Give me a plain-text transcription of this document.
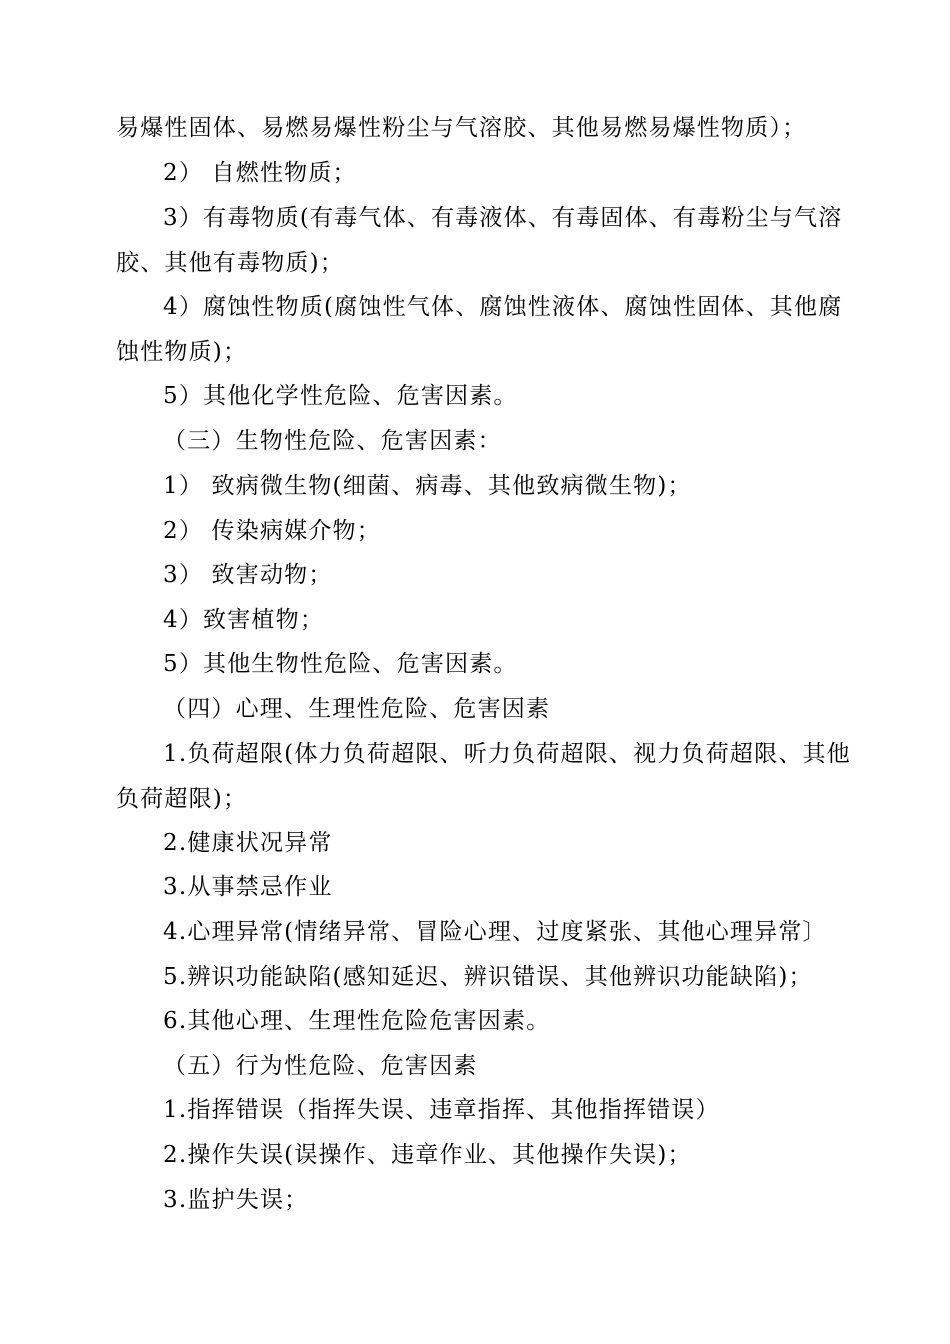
易爆性固体、易燃易爆性粉尘与气溶胶、其他易燃易爆性物质）；

2） 自燃性物质；

3）有毒物质(有毒气体、有毒液体、有毒固体、有毒粉尘与气溶胶、其他有毒物质)；

4）腐蚀性物质(腐蚀性气体、腐蚀性液体、腐蚀性固体、其他腐蚀性物质)；

5）其他化学性危险、危害因素。

（三）生物性危险、危害因素：

1） 致病微生物(细菌、病毒、其他致病微生物)；

2） 传染病媒介物；

3） 致害动物；

4）致害植物；

5）其他生物性危险、危害因素。

（四）心理、生理性危险、危害因素

1.负荷超限(体力负荷超限、听力负荷超限、视力负荷超限、其他负荷超限)；

2.健康状况异常

3.从事禁忌作业

4.心理异常(情绪异常、冒险心理、过度紧张、其他心理异常〕

5.辨识功能缺陷(感知延迟、辨识错误、其他辨识功能缺陷)；

6.其他心理、生理性危险危害因素。

（五）行为性危险、危害因素

1.指挥错误（指挥失误、违章指挥、其他指挥错误）

2.操作失误(误操作、违章作业、其他操作失误)；

3.监护失误；
